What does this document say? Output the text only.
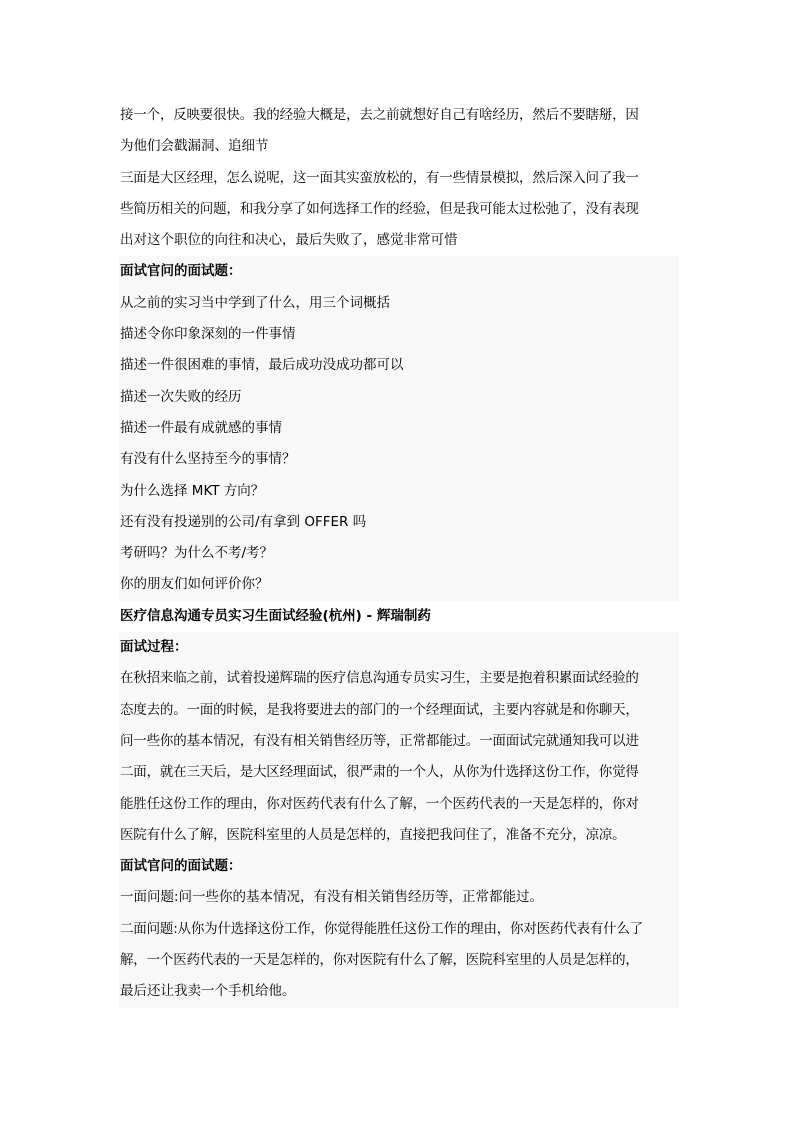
接一个，反映要很快。我的经验大概是，去之前就想好自己有啥经历，然后不要瞎掰，因
为他们会戳漏洞、追细节
三面是大区经理，怎么说呢，这一面其实蛮放松的，有一些情景模拟，然后深入问了我一
些简历相关的问题，和我分享了如何选择工作的经验，但是我可能太过松弛了，没有表现
出对这个职位的向往和决心，最后失败了，感觉非常可惜
面试官问的面试题：
从之前的实习当中学到了什么，用三个词概括
描述令你印象深刻的一件事情
描述一件很困难的事情，最后成功没成功都可以
描述一次失败的经历
描述一件最有成就感的事情
有没有什么坚持至今的事情？
为什么选择 MKT 方向？
还有没有投递别的公司/有拿到 OFFER 吗
考研吗？为什么不考/考？
你的朋友们如何评价你？
医疗信息沟通专员实习生面试经验(杭州) - 辉瑞制药
面试过程：
在秋招来临之前，试着投递辉瑞的医疗信息沟通专员实习生，主要是抱着积累面试经验的
态度去的。一面的时候，是我将要进去的部门的一个经理面试，主要内容就是和你聊天，
问一些你的基本情况，有没有相关销售经历等，正常都能过。一面面试完就通知我可以进
二面，就在三天后，是大区经理面试，很严肃的一个人，从你为什选择这份工作，你觉得
能胜任这份工作的理由，你对医药代表有什么了解，一个医药代表的一天是怎样的，你对
医院有什么了解，医院科室里的人员是怎样的，直接把我问住了，准备不充分，凉凉。
面试官问的面试题：
一面问题:问一些你的基本情况，有没有相关销售经历等，正常都能过。
二面问题:从你为什选择这份工作，你觉得能胜任这份工作的理由，你对医药代表有什么了
解，一个医药代表的一天是怎样的，你对医院有什么了解，医院科室里的人员是怎样的，
最后还让我卖一个手机给他。
